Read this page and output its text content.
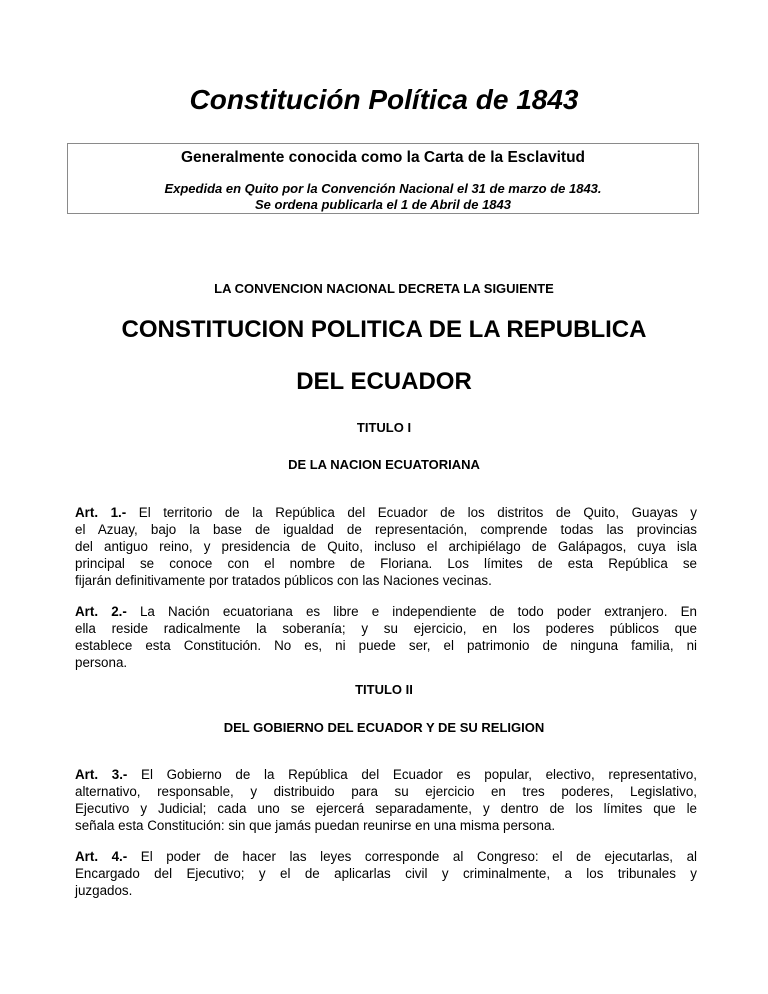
Constitución Política de 1843
Generalmente conocida como la Carta de la Esclavitud
Expedida en Quito por la Convención Nacional el 31 de marzo de 1843.
Se ordena publicarla el 1 de Abril de 1843
LA CONVENCION NACIONAL DECRETA LA SIGUIENTE
CONSTITUCION POLITICA DE LA REPUBLICA
DEL ECUADOR
TITULO I
DE LA NACION ECUATORIANA
Art. 1.- El territorio de la República del Ecuador de los distritos de Quito, Guayas y
el Azuay, bajo la base de igualdad de representación, comprende todas las provincias
del antiguo reino, y presidencia de Quito, incluso el archipiélago de Galápagos, cuya isla
principal se conoce con el nombre de Floriana. Los límites de esta República se
fijarán definitivamente por tratados públicos con las Naciones vecinas.
Art. 2.- La Nación ecuatoriana es libre e independiente de todo poder extranjero. En
ella reside radicalmente la soberanía; y su ejercicio, en los poderes públicos que
establece esta Constitución. No es, ni puede ser, el patrimonio de ninguna familia, ni
persona.
TITULO II
DEL GOBIERNO DEL ECUADOR Y DE SU RELIGION
Art. 3.- El Gobierno de la República del Ecuador es popular, electivo, representativo,
alternativo, responsable, y distribuido para su ejercicio en tres poderes, Legislativo,
Ejecutivo y Judicial; cada uno se ejercerá separadamente, y dentro de los límites que le
señala esta Constitución: sin que jamás puedan reunirse en una misma persona.
Art. 4.- El poder de hacer las leyes corresponde al Congreso: el de ejecutarlas, al
Encargado del Ejecutivo; y el de aplicarlas civil y criminalmente, a los tribunales y
juzgados.
